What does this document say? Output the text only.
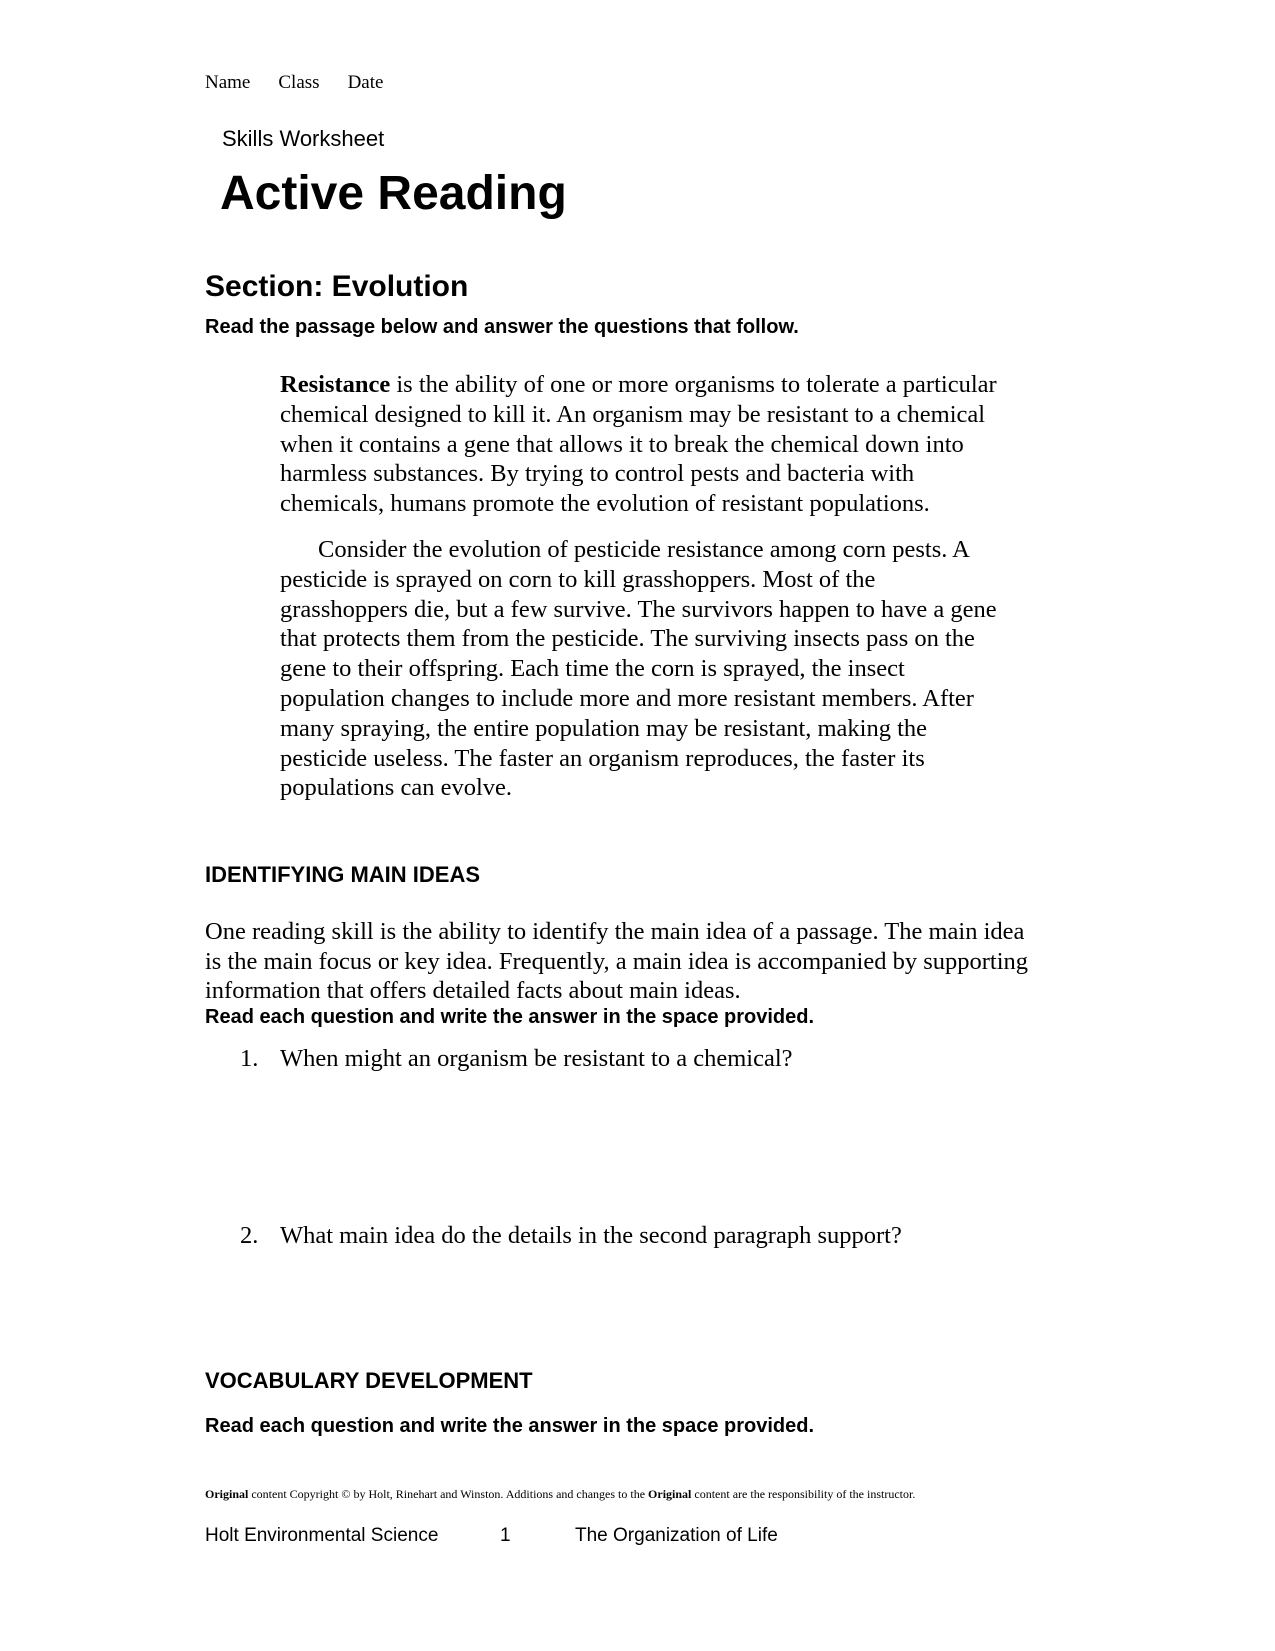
Name Class Date
Skills Worksheet
Active Reading
Section: Evolution

Read the passage below and answer the questions that follow.

Resistance is the ability of one or more organisms to tolerate a particular chemical designed to kill it. An organism may be resistant to a chemical when it contains a gene that allows it to break the chemical down into harmless substances. By trying to control pests and bacteria with chemicals, humans promote the evolution of resistant populations.

Consider the evolution of pesticide resistance among corn pests. A pesticide is sprayed on corn to kill grasshoppers. Most of the grasshoppers die, but a few survive. The survivors happen to have a gene that protects them from the pesticide. The surviving insects pass on the gene to their offspring. Each time the corn is sprayed, the insect population changes to include more and more resistant members. After many spraying, the entire population may be resistant, making the pesticide useless. The faster an organism reproduces, the faster its populations can evolve.

IDENTIFYING MAIN IDEAS

One reading skill is the ability to identify the main idea of a passage. The main idea is the main focus or key idea. Frequently, a main idea is accompanied by supporting information that offers detailed facts about main ideas.

Read each question and write the answer in the space provided.

1. When might an organism be resistant to a chemical?
2. What main idea do the details in the second paragraph support?
VOCABULARY DEVELOPMENT

Read each question and write the answer in the space provided.

Original content Copyright © by Holt, Rinehart and Winston. Additions and changes to the Original content are the responsibility of the instructor.
Holt Environmental Science	1	The Organization of Life
